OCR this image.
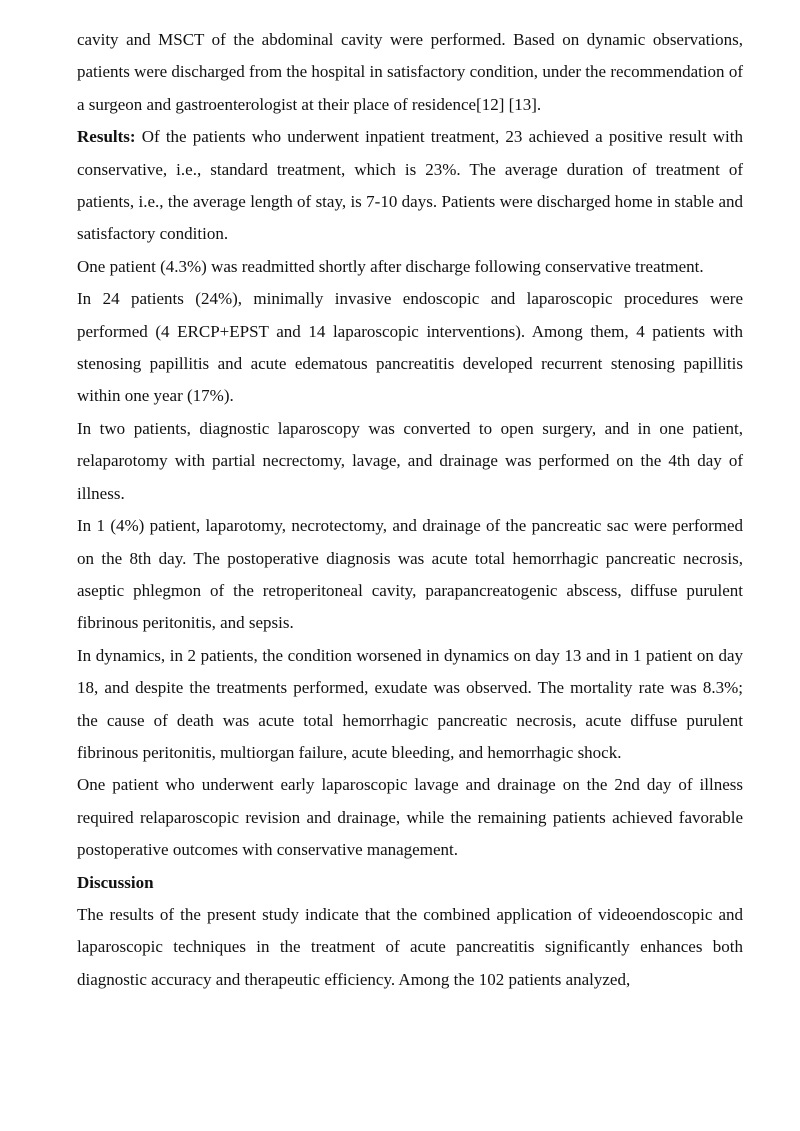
cavity and MSCT of the abdominal cavity were performed. Based on dynamic observations, patients were discharged from the hospital in satisfactory condition, under the recommendation of a surgeon and gastroenterologist at their place of residence[12] [13].

Results: Of the patients who underwent inpatient treatment, 23 achieved a positive result with conservative, i.e., standard treatment, which is 23%. The average duration of treatment of patients, i.e., the average length of stay, is 7-10 days. Patients were discharged home in stable and satisfactory condition.

One patient (4.3%) was readmitted shortly after discharge following conservative treatment.

In 24 patients (24%), minimally invasive endoscopic and laparoscopic procedures were performed (4 ERCP+EPST and 14 laparoscopic interventions). Among them, 4 patients with stenosing papillitis and acute edematous pancreatitis developed recurrent stenosing papillitis within one year (17%).

In two patients, diagnostic laparoscopy was converted to open surgery, and in one patient, relaparotomy with partial necrectomy, lavage, and drainage was performed on the 4th day of illness.

In 1 (4%) patient, laparotomy, necrotectomy, and drainage of the pancreatic sac were performed on the 8th day. The postoperative diagnosis was acute total hemorrhagic pancreatic necrosis, aseptic phlegmon of the retroperitoneal cavity, parapancreatogenic abscess, diffuse purulent fibrinous peritonitis, and sepsis.

In dynamics, in 2 patients, the condition worsened in dynamics on day 13 and in 1 patient on day 18, and despite the treatments performed, exudate was observed. The mortality rate was 8.3%; the cause of death was acute total hemorrhagic pancreatic necrosis, acute diffuse purulent fibrinous peritonitis, multiorgan failure, acute bleeding, and hemorrhagic shock.

One patient who underwent early laparoscopic lavage and drainage on the 2nd day of illness required relaparoscopic revision and drainage, while the remaining patients achieved favorable postoperative outcomes with conservative management.

Discussion

The results of the present study indicate that the combined application of videoendoscopic and laparoscopic techniques in the treatment of acute pancreatitis significantly enhances both diagnostic accuracy and therapeutic efficiency. Among the 102 patients analyzed,
